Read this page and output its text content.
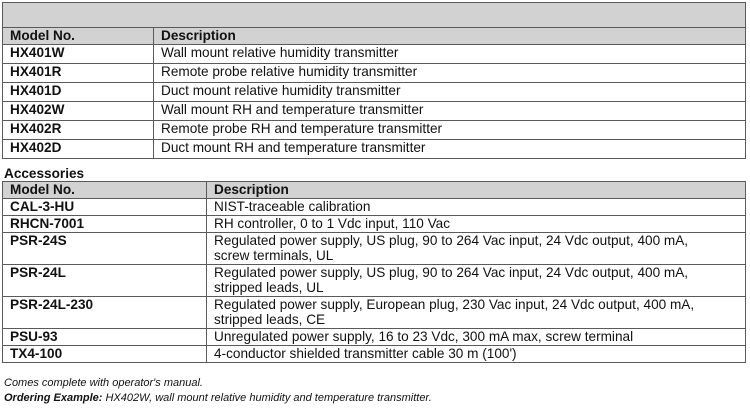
Model No.	Description
HX401W	Wall mount relative humidity transmitter
HX401R	Remote probe relative humidity transmitter
HX401D	Duct mount relative humidity transmitter
HX402W	Wall mount RH and temperature transmitter
HX402R	Remote probe RH and temperature transmitter
HX402D	Duct mount RH and temperature transmitter
Accessories
Model No.	Description
CAL-3-HU	NIST-traceable calibration

RHCN-7001	RH controller, 0 to 1 Vdc input, 110 Vac

PSR-24S	Regulated power supply, US plug, 90 to 264 Vac input, 24 Vdc output, 400 mA,
screw terminals, UL

PSR-24L	Regulated power supply, US plug, 90 to 264 Vac input, 24 Vdc output, 400 mA,
stripped leads, UL

PSR-24L-230	Regulated power supply, European plug, 230 Vac input, 24 Vdc output, 400 mA,
stripped leads, CE

PSU-93	Unregulated power supply, 16 to 23 Vdc, 300 mA max, screw terminal

TX4-100	4-conductor shielded transmitter cable 30 m (100')
Comes complete with operator's manual.
Ordering Example: HX402W, wall mount relative humidity and temperature transmitter.
